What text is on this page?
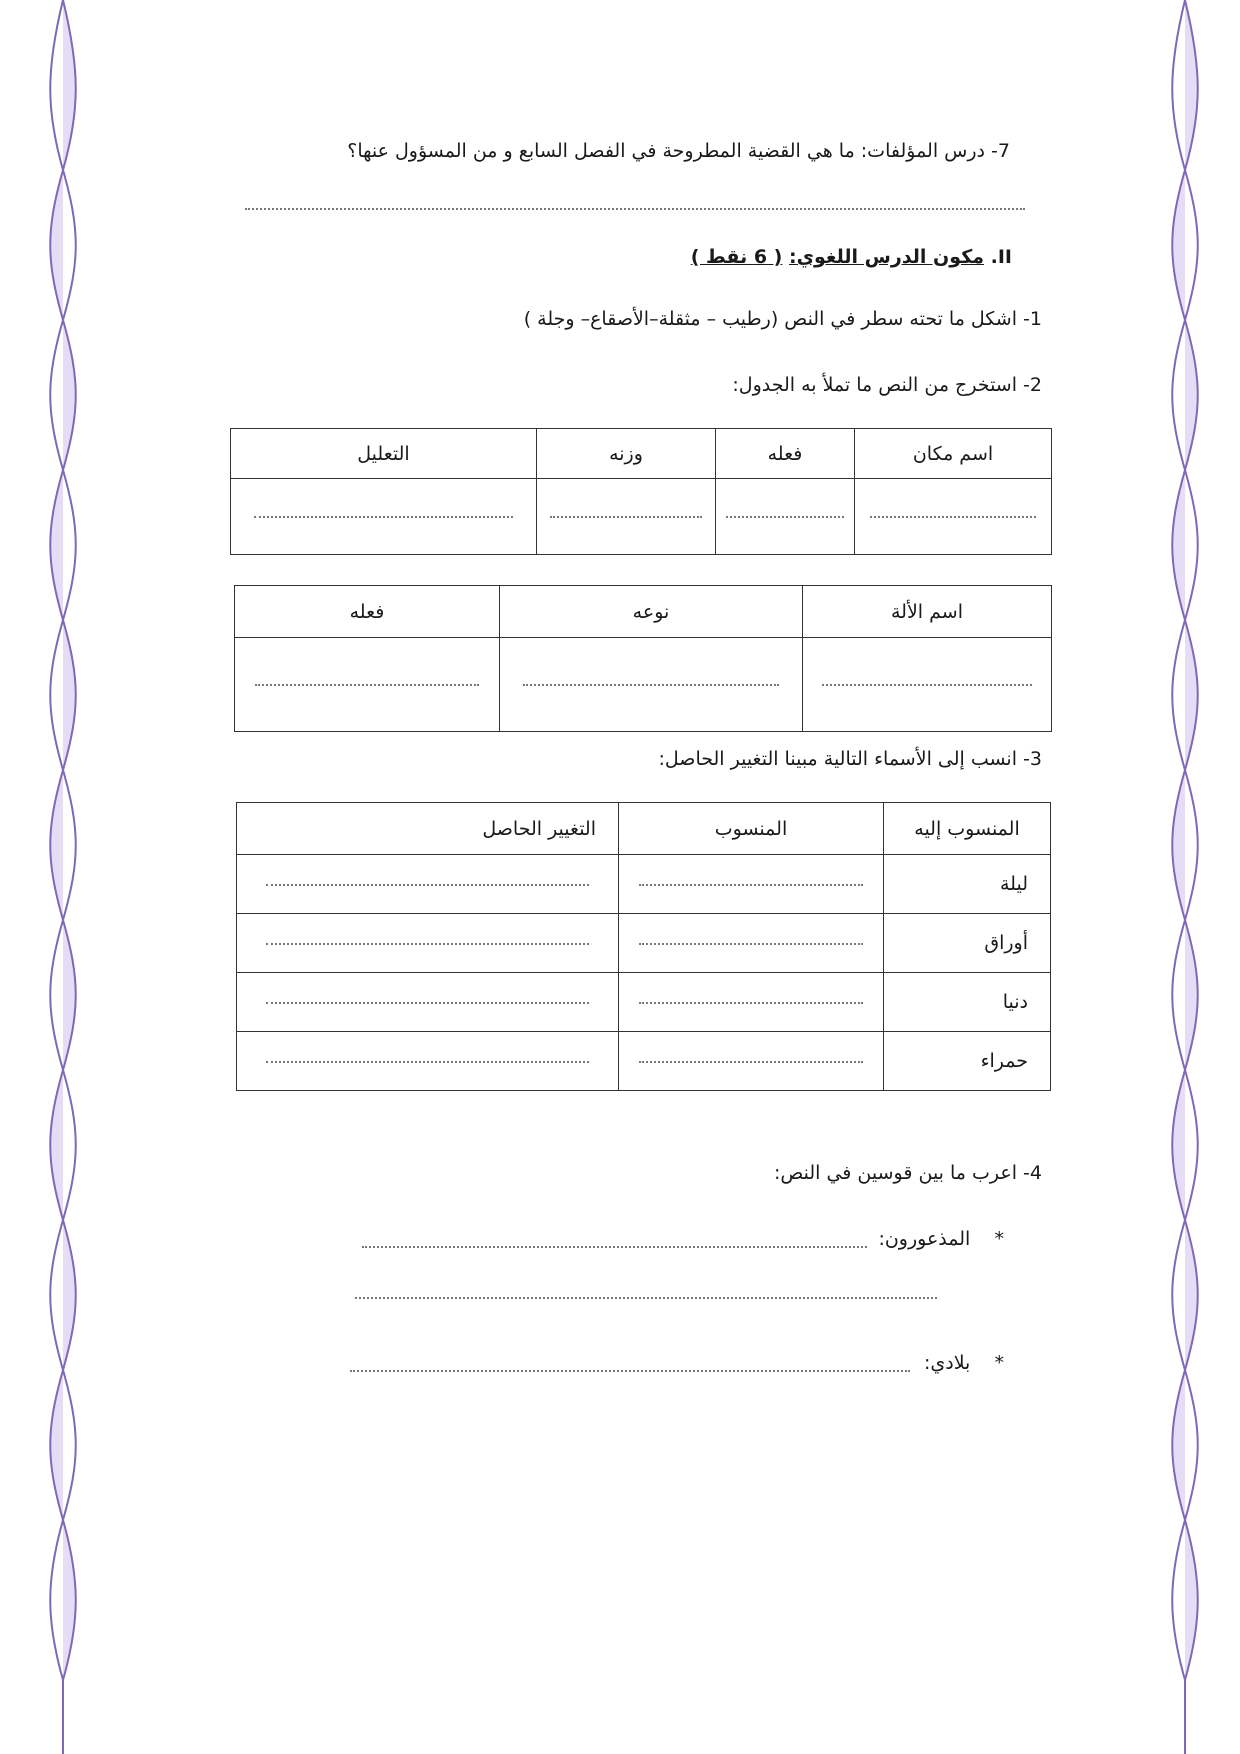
7- درس المؤلفات: ما هي القضية المطروحة في الفصل السابع و من المسؤول عنها؟
II. مكون الدرس اللغوي: ( 6 نقط )
1- اشكل ما تحته سطر في النص (رطيب – مثقلة–الأصقاع– وجلة )
2- استخرج من النص ما تملأ به الجدول:
اسم مكان	فعله	وزنه	التعليل

اسم الألة	نوعه	فعله

3- انسب إلى الأسماء التالية مبينا التغيير الحاصل:
المنسوب إليه	المنسوب	التغيير الحاصل
ليلة		
أوراق		
دنيا		
حمراء		
4- اعرب ما بين قوسين في النص:
*    المذعورون:
*    بلادي:
